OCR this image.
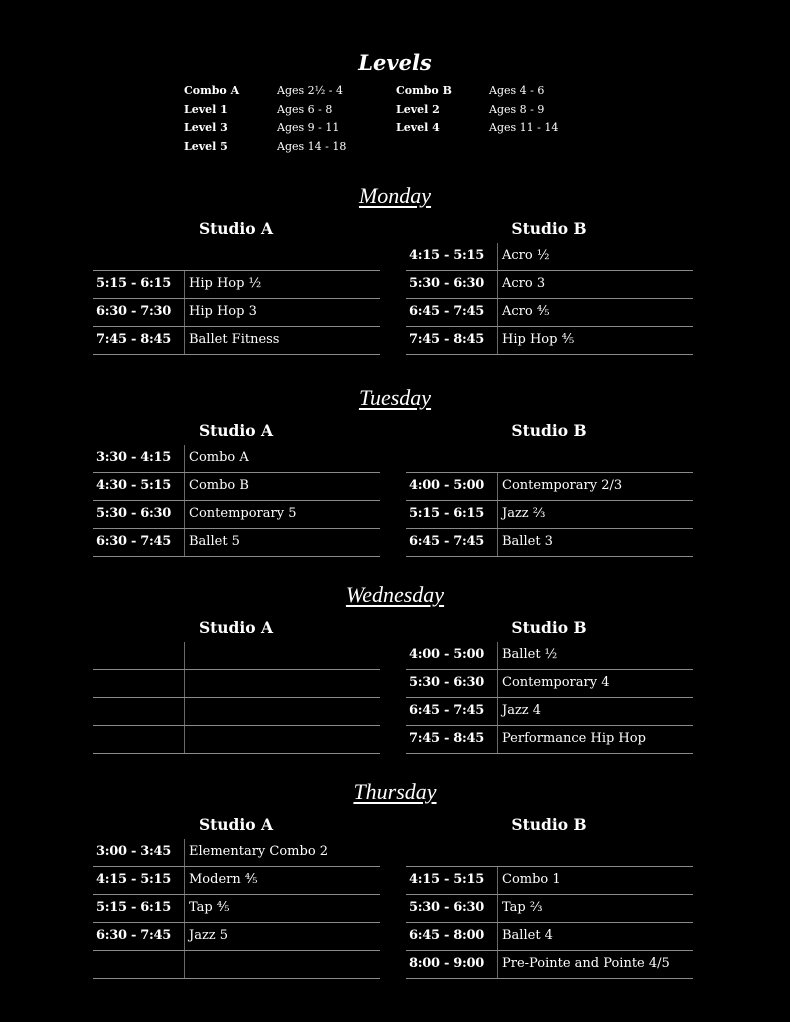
Levels
Combo A	Ages 2½ - 4	Combo B	Ages 4 - 6
Level 1	Ages 6 - 8	Level 2	Ages 8 - 9
Level 3	Ages 9 - 11	Level 4	Ages 11 - 14
Level 5	Ages 14 - 18
Monday
Studio A
5:15 - 6:15 Hip Hop ½
6:30 - 7:30 Hip Hop 3
7:45 - 8:45 Ballet Fitness
Studio B
4:15 - 5:15 Acro ½
5:30 - 6:30 Acro 3
6:45 - 7:45 Acro ⅘
7:45 - 8:45 Hip Hop ⅘
Tuesday
Studio A
3:30 - 4:15 Combo A
4:30 - 5:15 Combo B
5:30 - 6:30 Contemporary 5
6:30 - 7:45 Ballet 5
Studio B
4:00 - 5:00 Contemporary 2/3
5:15 - 6:15 Jazz ⅔
6:45 - 7:45 Ballet 3
Wednesday
Studio A	Studio B
4:00 - 5:00 Ballet ½
5:30 - 6:30 Contemporary 4
6:45 - 7:45 Jazz 4
7:45 - 8:45 Performance Hip Hop
Thursday
Studio A
3:00 - 3:45 Elementary Combo 2
4:15 - 5:15 Modern ⅘
5:15 - 6:15 Tap ⅘
6:30 - 7:45 Jazz 5
Studio B
4:15 - 5:15 Combo 1
5:30 - 6:30 Tap ⅔
6:45 - 8:00 Ballet 4
8:00 - 9:00 Pre-Pointe and Pointe 4/5
